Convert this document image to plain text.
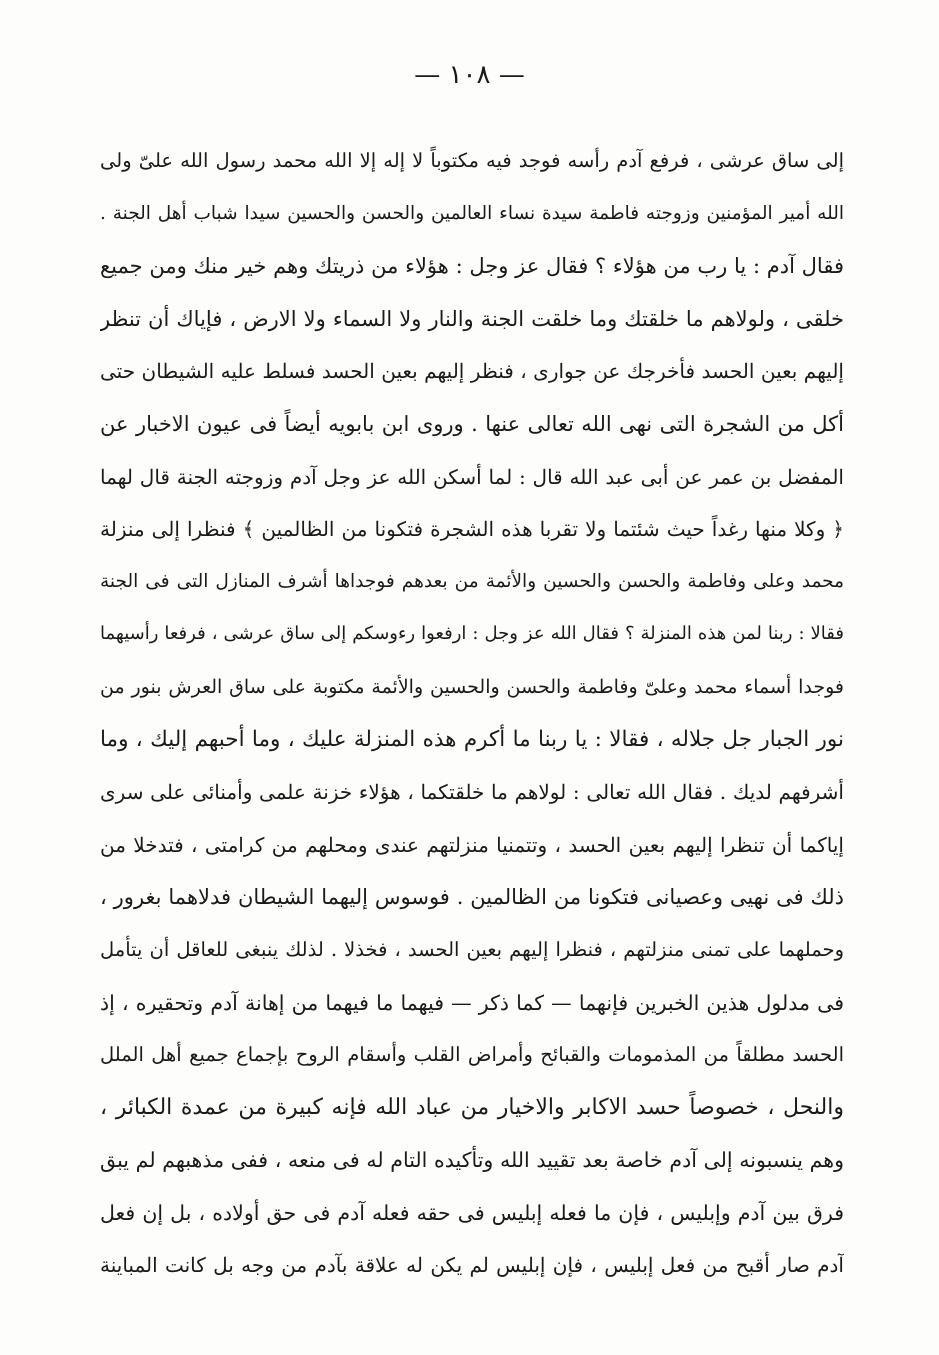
— ١٠٨ —
إلى ساق عرشى ، فرفع آدم رأسه فوجد فيه مكتوباً لا إله إلا الله محمد رسول الله علىّ ولى
الله أمير المؤمنين وزوجته فاطمة سيدة نساء العالمين والحسن والحسين سيدا شباب أهل الجنة .
فقال آدم : يا رب من هؤلاء ؟ فقال عز وجل : هؤلاء من ذريتك وهم خير منك ومن جميع
خلقى ، ولولاهم ما خلقتك وما خلقت الجنة والنار ولا السماء ولا الارض ، فإياك أن تنظر
إليهم بعين الحسد فأخرجك عن جوارى ، فنظر إليهم بعين الحسد فسلط عليه الشيطان حتى
أكل من الشجرة التى نهى الله تعالى عنها . وروى ابن بابويه أيضاً فى عيون الاخبار عن
المفضل بن عمر عن أبى عبد الله قال : لما أسكن الله عز وجل آدم وزوجته الجنة قال لهما
﴿ وكلا منها رغداً حيث شئتما ولا تقربا هذه الشجرة فتكونا من الظالمين ﴾ فنظرا إلى منزلة
محمد وعلى وفاطمة والحسن والحسين والأئمة من بعدهم فوجداها أشرف المنازل التى فى الجنة
فقالا : ربنا لمن هذه المنزلة ؟ فقال الله عز وجل : ارفعوا رءوسكم إلى ساق عرشى ، فرفعا رأسيهما
فوجدا أسماء محمد وعلىّ وفاطمة والحسن والحسين والأئمة مكتوبة على ساق العرش بنور من
نور الجبار جل جلاله ، فقالا : يا ربنا ما أكرم هذه المنزلة عليك ، وما أحبهم إليك ، وما
أشرفهم لديك . فقال الله تعالى : لولاهم ما خلقتكما ، هؤلاء خزنة علمى وأمنائى على سرى
إياكما أن تنظرا إليهم بعين الحسد ، وتتمنيا منزلتهم عندى ومحلهم من كرامتى ، فتدخلا من
ذلك فى نهيى وعصيانى فتكونا من الظالمين . فوسوس إليهما الشيطان فدلاهما بغرور ،
وحملهما على تمنى منزلتهم ، فنظرا إليهم بعين الحسد ، فخذلا . لذلك ينبغى للعاقل أن يتأمل
فى مدلول هذين الخبرين فإنهما — كما ذكر — فيهما ما فيهما من إهانة آدم وتحقيره ، إذ
الحسد مطلقاً من المذمومات والقبائح وأمراض القلب وأسقام الروح بإجماع جميع أهل الملل
والنحل ، خصوصاً حسد الاكابر والاخيار من عباد الله فإنه كبيرة من عمدة الكبائر ،
وهم ينسبونه إلى آدم خاصة بعد تقييد الله وتأكيده التام له فى منعه ، ففى مذهبهم لم يبق
فرق بين آدم وإبليس ، فإن ما فعله إبليس فى حقه فعله آدم فى حق أولاده ، بل إن فعل
آدم صار أقبح من فعل إبليس ، فإن إبليس لم يكن له علاقة بآدم من وجه بل كانت المباينة
